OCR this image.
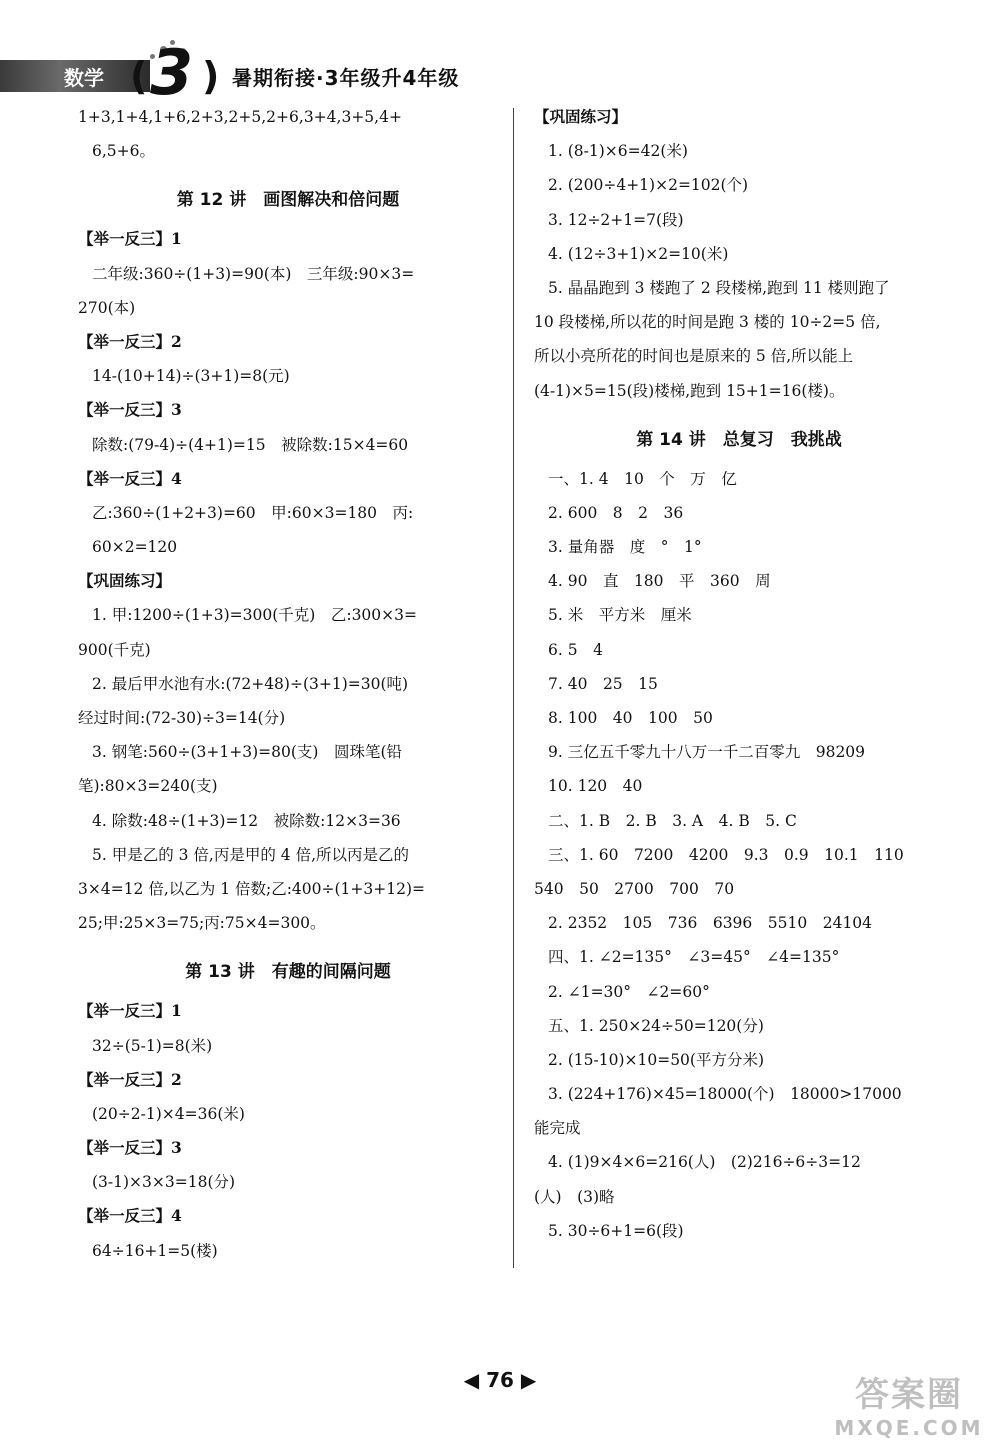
数学 ( 3 ) 暑期衔接·3年级升4年级
1+3,1+4,1+6,2+3,2+5,2+6,3+4,3+5,4+
6,5+6。
第 12 讲　画图解决和倍问题
【举一反三】1
二年级:360÷(1+3)=90(本)　三年级:90×3=
270(本)
【举一反三】2
14-(10+14)÷(3+1)=8(元)
【举一反三】3
除数:(79-4)÷(4+1)=15　被除数:15×4=60
【举一反三】4
乙:360÷(1+2+3)=60　甲:60×3=180　丙:
60×2=120
【巩固练习】
1. 甲:1200÷(1+3)=300(千克)　乙:300×3=
900(千克)
2. 最后甲水池有水:(72+48)÷(3+1)=30(吨)
经过时间:(72-30)÷3=14(分)
3. 钢笔:560÷(3+1+3)=80(支)　圆珠笔(铅
笔):80×3=240(支)
4. 除数:48÷(1+3)=12　被除数:12×3=36
5. 甲是乙的 3 倍,丙是甲的 4 倍,所以丙是乙的
3×4=12 倍,以乙为 1 倍数;乙:400÷(1+3+12)=
25;甲:25×3=75;丙:75×4=300。
第 13 讲　有趣的间隔问题
【举一反三】1
32÷(5-1)=8(米)
【举一反三】2
(20÷2-1)×4=36(米)
【举一反三】3
(3-1)×3×3=18(分)
【举一反三】4
64÷16+1=5(楼)
【巩固练习】
1. (8-1)×6=42(米)
2. (200÷4+1)×2=102(个)
3. 12÷2+1=7(段)
4. (12÷3+1)×2=10(米)
5. 晶晶跑到 3 楼跑了 2 段楼梯,跑到 11 楼则跑了
10 段楼梯,所以花的时间是跑 3 楼的 10÷2=5 倍,
所以小亮所花的时间也是原来的 5 倍,所以能上
(4-1)×5=15(段)楼梯,跑到 15+1=16(楼)。
第 14 讲　总复习　我挑战
一、1. 4　10　个　万　亿
2. 600　8　2　36
3. 量角器　度　°　1°
4. 90　直　180　平　360　周
5. 米　平方米　厘米
6. 5　4
7. 40　25　15
8. 100　40　100　50
9. 三亿五千零九十八万一千二百零九　98209
10. 120　40
二、1. B　2. B　3. A　4. B　5. C
三、1. 60　7200　4200　9.3　0.9　10.1　110
540　50　2700　700　70
2. 2352　105　736　6396　5510　24104
四、1. ∠2=135°　∠3=45°　∠4=135°
2. ∠1=30°　∠2=60°
五、1. 250×24÷50=120(分)
2. (15-10)×10=50(平方分米)
3. (224+176)×45=18000(个)　18000>17000
能完成
4. (1)9×4×6=216(人)　(2)216÷6÷3=12
(人)　(3)略
5. 30÷6+1=6(段)
◀ 76 ▶	答案圈
MXQE.COM
